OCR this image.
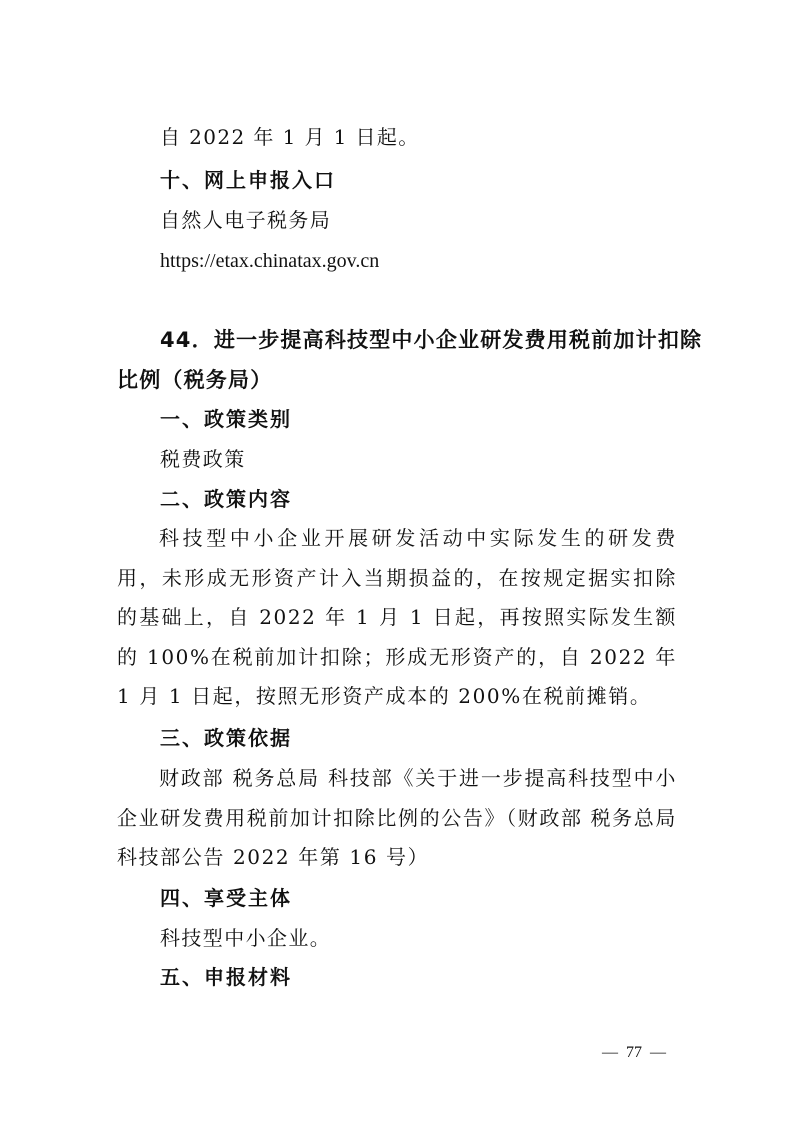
自 2022 年 1 月 1 日起。
十、网上申报入口
自然人电子税务局
https://etax.chinatax.gov.cn
44．进一步提高科技型中小企业研发费用税前加计扣除
比例（税务局）
一、政策类别
税费政策
二、政策内容
科技型中小企业开展研发活动中实际发生的研发费用，未形成无形资产计入当期损益的，在按规定据实扣除的基础上，自 2022 年 1 月 1 日起，再按照实际发生额的 100%在税前加计扣除；形成无形资产的，自 2022 年 1 月 1 日起，按照无形资产成本的 200%在税前摊销。
三、政策依据
财政部 税务总局 科技部《关于进一步提高科技型中小企业研发费用税前加计扣除比例的公告》（财政部 税务总局科技部公告 2022 年第 16 号）
四、享受主体
科技型中小企业。
五、申报材料
— 77 —
